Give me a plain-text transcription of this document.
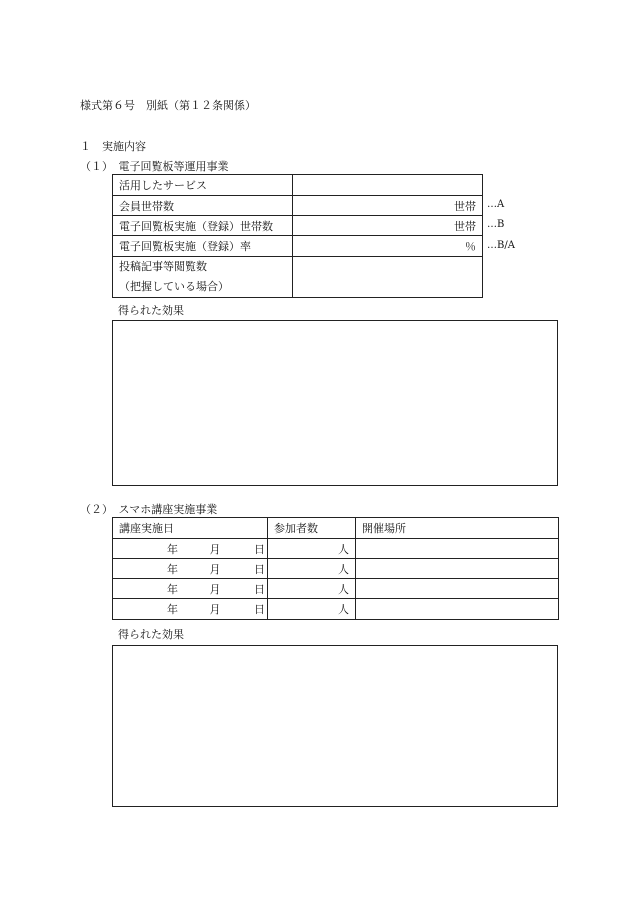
様式第６号　別紙（第１２条関係）
１　実施内容
（１）　電子回覧板等運用事業
活用したサービス	
会員世帯数	世帯
電子回覧板実施（登録）世帯数	世帯
電子回覧板実施（登録）率	％

投稿記事等閲覧数
（把握している場合）	

…A
…B
…B/A
得られた効果
（２）　スマホ講座実施事業
講座実施日	参加者数	開催場所
年 月 日	人	
年 月 日	人	
年 月 日	人	
年 月 日	人	
得られた効果
